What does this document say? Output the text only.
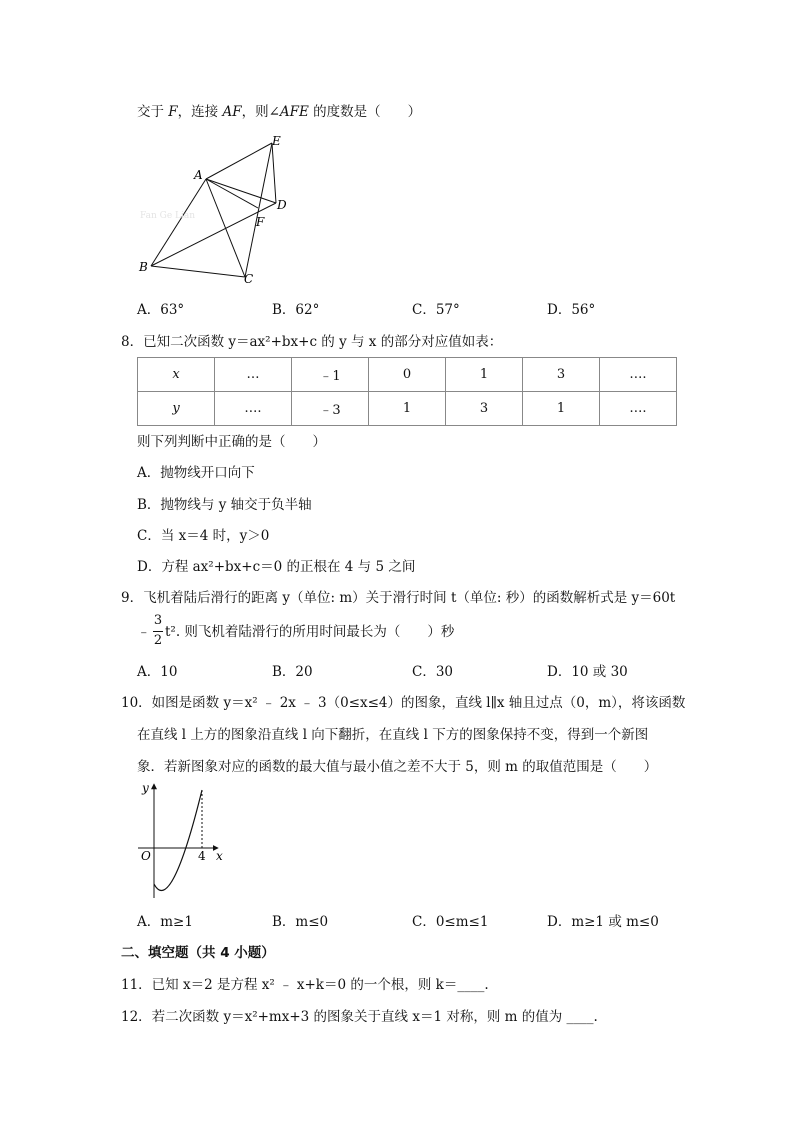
交于 F，连接 AF，则∠AFE 的度数是（　　）
Fan Ge Lian
A
E
D
F
B
C
A．63°	B．62°	C．57°	D．56°
8．已知二次函数 y＝ax²+bx+c 的 y 与 x 的部分对应值如表：
x	…	﹣1	0	1	3	….
y	….	﹣3	1	3	1	….
则下列判断中正确的是（　　）
A．抛物线开口向下
B．抛物线与 y 轴交于负半轴
C．当 x＝4 时，y＞0
D．方程 ax²+bx+c＝0 的正根在 4 与 5 之间
9．飞机着陆后滑行的距离 y（单位: m）关于滑行时间 t（单位: 秒）的函数解析式是 y＝60t
﹣
3
2
t². 则飞机着陆滑行的所用时间最长为（　　）秒
A．10	B．20	C．30	D．10 或 30
10．如图是函数 y＝x² ﹣ 2x ﹣ 3（0≤x≤4）的图象，直线 l∥x 轴且过点（0，m），将该函数
在直线 l 上方的图象沿直线 l 向下翻折，在直线 l 下方的图象保持不变，得到一个新图
象．若新图象对应的函数的最大值与最小值之差不大于 5，则 m 的取值范围是（　　）
y
O	4 x
A．m≥1	B．m≤0	C．0≤m≤1	D．m≥1 或 m≤0
二、填空题（共 4 小题）
11．已知 x＝2 是方程 x² ﹣ x+k＝0 的一个根，则 k＝____.
12．若二次函数 y＝x²+mx+3 的图象关于直线 x＝1 对称，则 m 的值为 ____.
